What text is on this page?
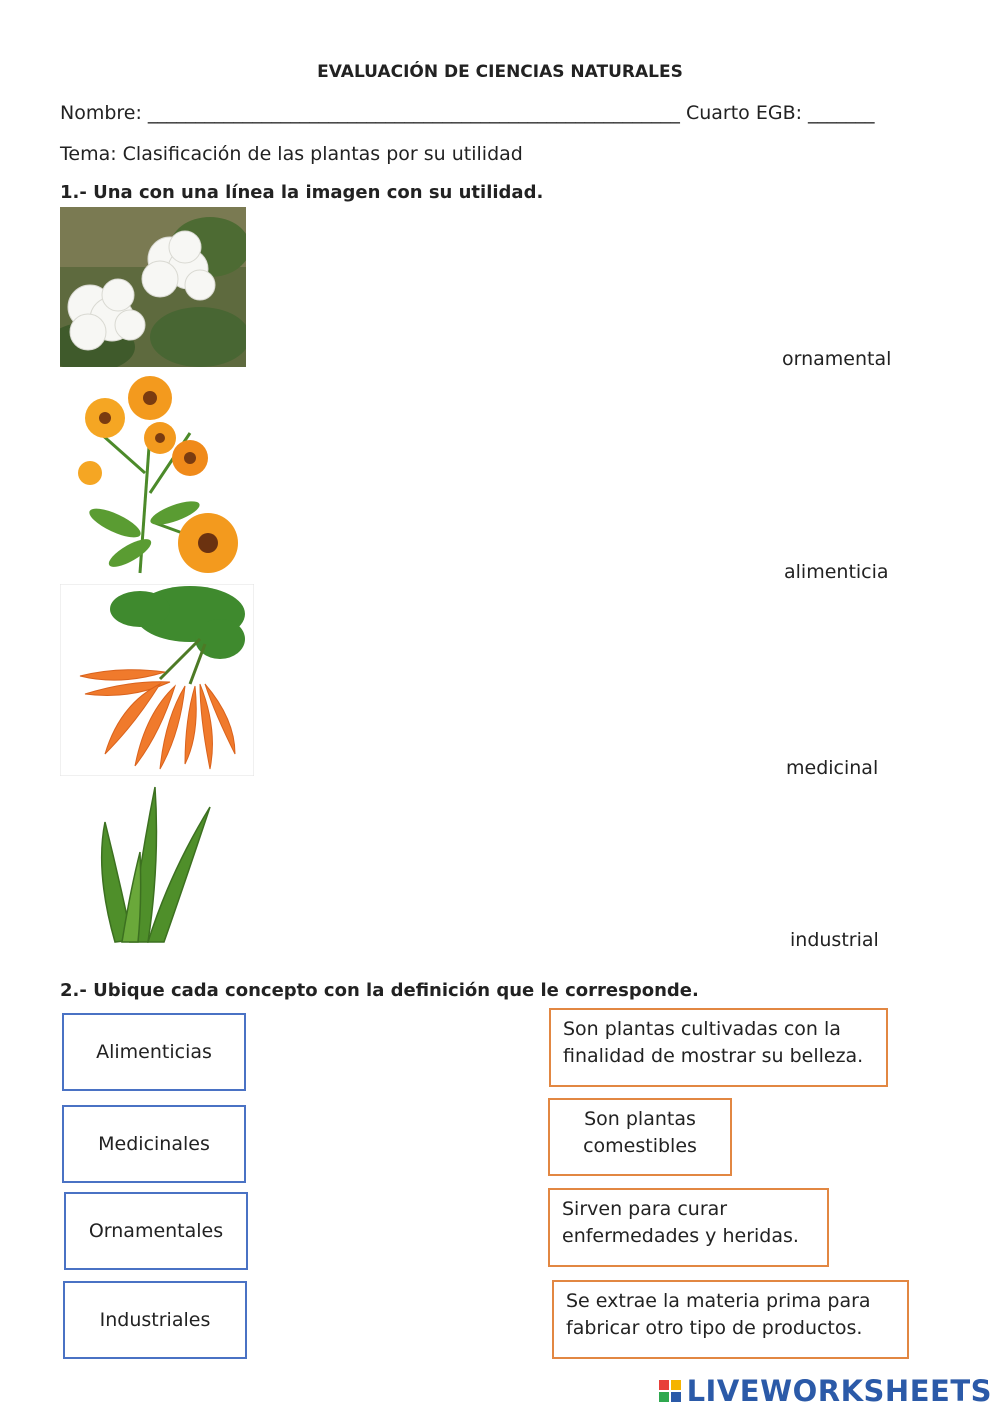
EVALUACIÓN DE CIENCIAS NATURALES
Nombre: ________________________________________________________ Cuarto EGB: _______
Tema: Clasificación de las plantas por su utilidad
1.- Una con una línea la imagen con su utilidad.
ornamental
alimenticia
medicinal
industrial
2.- Ubique cada concepto con la definición que le corresponde.
Alimenticias
Medicinales
Ornamentales
Industriales
Son plantas cultivadas con la finalidad de mostrar su belleza.
Son plantas comestibles
Sirven para curar enfermedades y heridas.
Se extrae la materia prima para fabricar otro tipo de productos.
LIVEWORKSHEETS
